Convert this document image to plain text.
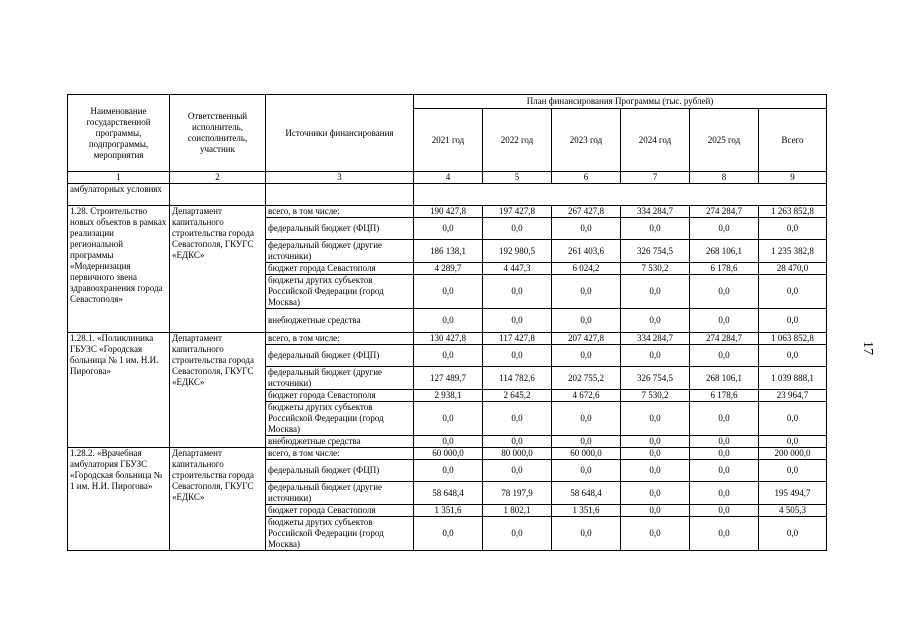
17
Наименование государственной программы, подпрограммы, мероприятия	Ответственный исполнитель, соисполнитель, участник	Источники финансирования	План финансирования Программы (тыс. рублей)					
			2021 год	2022 год	2023 год	2024 год	2025 год	Всего
1	2	3	4	5	6	7	8	9
амбулаторных условиях								
1.28. Строительство новых объектов в рамках реализации региональной программы «Модернизация первичного звена здравоохранения города Севастополя»	Департамент капитального строительства города Севастополя, ГКУГС «ЕДКС»	всего, в том числе:	190 427,8	197 427,8	267 427,8	334 284,7	274 284,7	1 263 852,8
		федеральный бюджет (ФЦП)	0,0	0,0	0,0	0,0	0,0	0,0
		федеральный бюджет (другие источники)	186 138,1	192 980,5	261 403,6	326 754,5	268 106,1	1 235 382,8
		бюджет города Севастополя	4 289,7	4 447,3	6 024,2	7 530,2	6 178,6	28 470,0
		бюджеты других субъектов Российской Федерации (город Москва)	0,0	0,0	0,0	0,0	0,0	0,0
		внебюджетные средства	0,0	0,0	0,0	0,0	0,0	0,0
1.28.1. «Поликлиника ГБУЗС «Городская больница № 1 им. Н.И. Пирогова»	Департамент капитального строительства города Севастополя, ГКУГС «ЕДКС»	всего, в том числе:	130 427,8	117 427,8	207 427,8	334 284,7	274 284,7	1 063 852,8
		федеральный бюджет (ФЦП)	0,0	0,0	0,0	0,0	0,0	0,0
		федеральный бюджет (другие источники)	127 489,7	114 782,6	202 755,2	326 754,5	268 106,1	1 039 888,1
		бюджет города Севастополя	2 938,1	2 645,2	4 672,6	7 530,2	6 178,6	23 964,7
		бюджеты других субъектов Российской Федерации (город Москва)	0,0	0,0	0,0	0,0	0,0	0,0
		внебюджетные средства	0,0	0,0	0,0	0,0	0,0	0,0
1.28.2. «Врачебная амбулатория ГБУЗС «Городская больница № 1 им. Н.И. Пирогова»	Департамент капитального строительства города Севастополя, ГКУГС «ЕДКС»	всего, в том числе:	60 000,0	80 000,0	60 000,0	0,0	0,0	200 000,0
		федеральный бюджет (ФЦП)	0,0	0,0	0,0	0,0	0,0	0,0
		федеральный бюджет (другие источники)	58 648,4	78 197,9	58 648,4	0,0	0,0	195 494,7
		бюджет города Севастополя	1 351,6	1 802,1	1 351,6	0,0	0,0	4 505,3
		бюджеты других субъектов Российской Федерации (город Москва)	0,0	0,0	0,0	0,0	0,0	0,0
